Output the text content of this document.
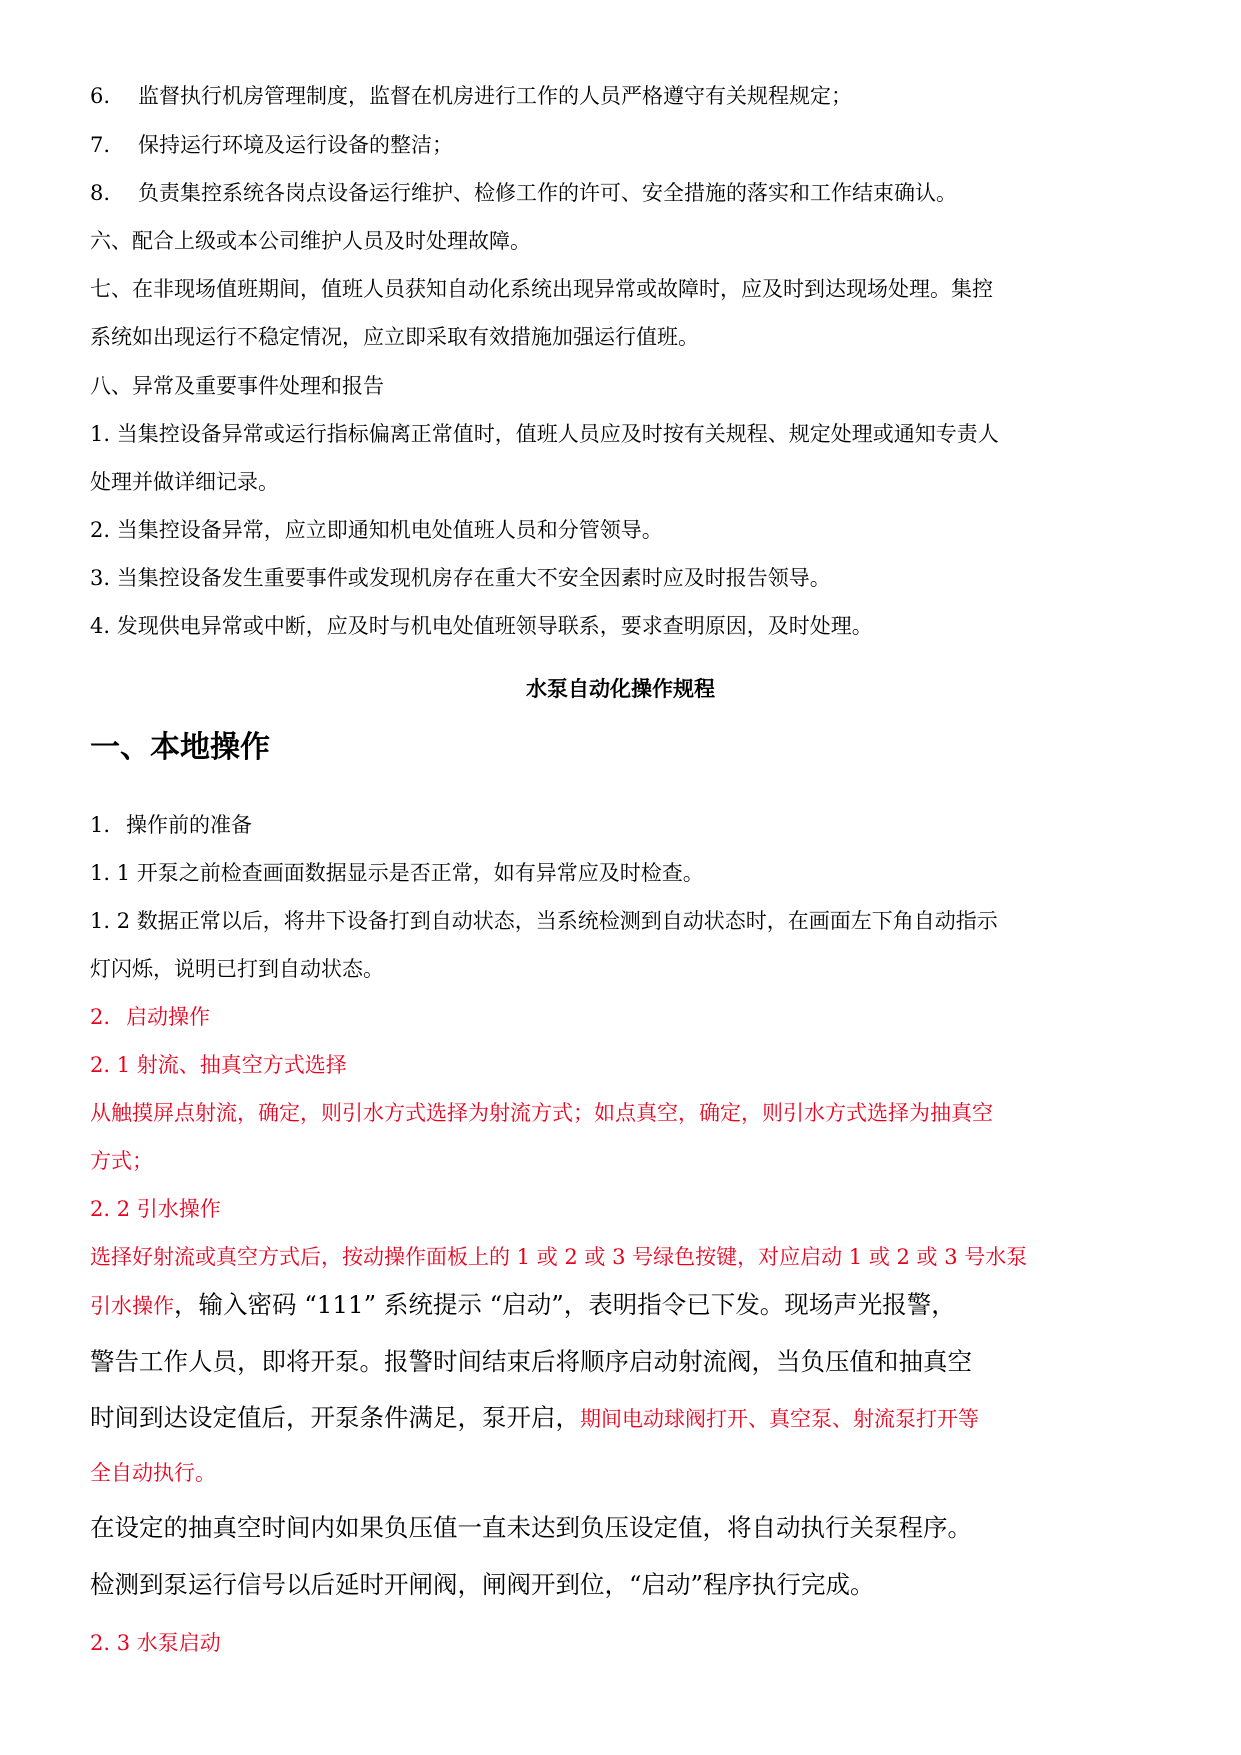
6. 监督执行机房管理制度，监督在机房进行工作的人员严格遵守有关规程规定；
7. 保持运行环境及运行设备的整洁；
8. 负责集控系统各岗点设备运行维护、检修工作的许可、安全措施的落实和工作结束确认。
六、配合上级或本公司维护人员及时处理故障。
七、在非现场值班期间，值班人员获知自动化系统出现异常或故障时，应及时到达现场处理。集控
系统如出现运行不稳定情况，应立即采取有效措施加强运行值班。
八、异常及重要事件处理和报告
1. 当集控设备异常或运行指标偏离正常值时，值班人员应及时按有关规程、规定处理或通知专责人
处理并做详细记录。
2. 当集控设备异常，应立即通知机电处值班人员和分管领导。
3. 当集控设备发生重要事件或发现机房存在重大不安全因素时应及时报告领导。
4. 发现供电异常或中断，应及时与机电处值班领导联系，要求查明原因，及时处理。
水泵自动化操作规程
一、本地操作
1. 操作前的准备
1. 1 开泵之前检查画面数据显示是否正常，如有异常应及时检查。
1. 2 数据正常以后，将井下设备打到自动状态，当系统检测到自动状态时，在画面左下角自动指示
灯闪烁，说明已打到自动状态。
2. 启动操作
2. 1 射流、抽真空方式选择
从触摸屏点射流，确定，则引水方式选择为射流方式；如点真空，确定，则引水方式选择为抽真空
方式；
2. 2 引水操作
选择好射流或真空方式后，按动操作面板上的 1 或 2 或 3 号绿色按键，对应启动 1 或 2 或 3 号水泵
引水操作，输入密码 “111” 系统提示 “启动”，表明指令已下发。现场声光报警，
警告工作人员，即将开泵。报警时间结束后将顺序启动射流阀，当负压值和抽真空
时间到达设定值后，开泵条件满足，泵开启，期间电动球阀打开、真空泵、射流泵打开等
全自动执行。
在设定的抽真空时间内如果负压值一直未达到负压设定值，将自动执行关泵程序。
检测到泵运行信号以后延时开闸阀，闸阀开到位，“启动”程序执行完成。
2. 3 水泵启动
